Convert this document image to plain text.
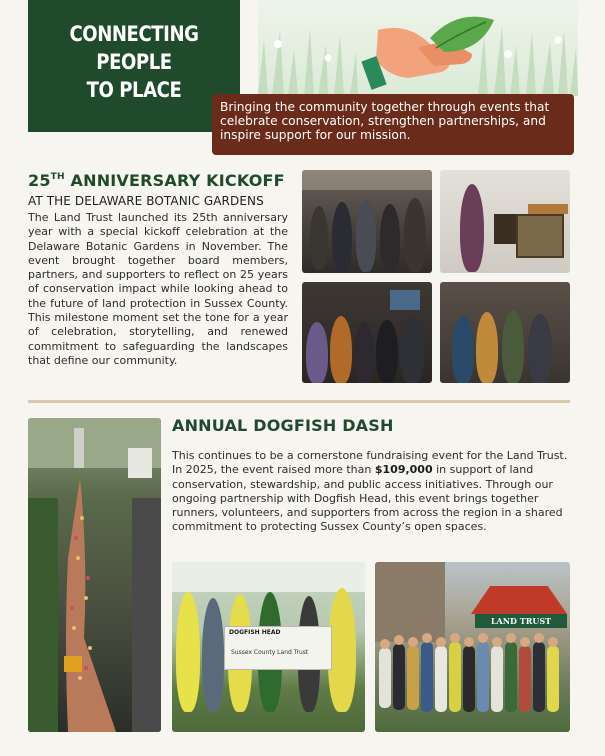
CONNECTING PEOPLE
TO PLACE
Bringing the community together through events that celebrate conservation, strengthen partnerships, and inspire support for our mission.
25TH ANNIVERSARY KICKOFF
AT THE DELAWARE BOTANIC GARDENS
The Land Trust launched its 25th anniversary year with a special kickoff celebration at the Delaware Botanic Gardens in November. The event brought together board members, partners, and supporters to reflect on 25 years of conservation impact while looking ahead to the future of land protection in Sussex County. This milestone moment set the tone for a year of celebration, storytelling, and renewed commitment to safeguarding the landscapes that define our community.
ANNUAL DOGFISH DASH
This continues to be a cornerstone fundraising event for the Land Trust. In 2025, the event raised more than $109,000 in support of land conservation, stewardship, and public access initiatives. Through our ongoing partnership with Dogfish Head, this event brings together runners, volunteers, and supporters from across the region in a shared commitment to protecting Sussex County’s open spaces.
DOGFISH HEAD
Sussex County Land Trust
LAND TRUST
